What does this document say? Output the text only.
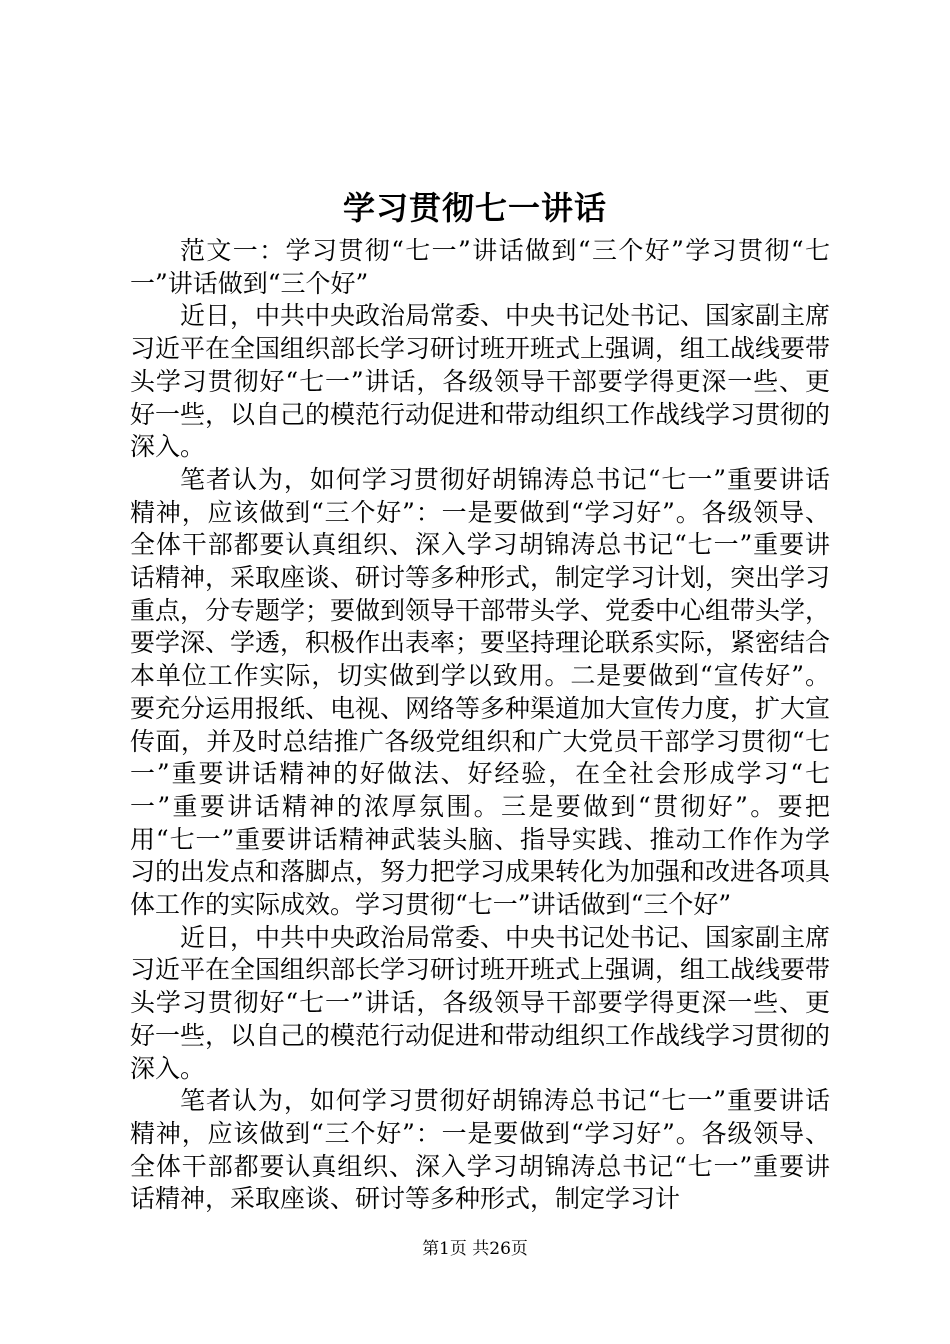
学习贯彻七一讲话

范文一：学习贯彻“七一”讲话做到“三个好”学习贯彻“七一”讲话做到“三个好”

近日，中共中央政治局常委、中央书记处书记、国家副主席习近平在全国组织部长学习研讨班开班式上强调，组工战线要带头学习贯彻好“七一”讲话，各级领导干部要学得更深一些、更好一些，以自己的模范行动促进和带动组织工作战线学习贯彻的深入。

笔者认为，如何学习贯彻好胡锦涛总书记“七一”重要讲话精神，应该做到“三个好”：一是要做到“学习好”。各级领导、全体干部都要认真组织、深入学习胡锦涛总书记“七一”重要讲话精神，采取座谈、研讨等多种形式，制定学习计划，突出学习重点，分专题学；要做到领导干部带头学、党委中心组带头学，要学深、学透，积极作出表率；要坚持理论联系实际，紧密结合本单位工作实际，切实做到学以致用。二是要做到“宣传好”。要充分运用报纸、电视、网络等多种渠道加大宣传力度，扩大宣传面，并及时总结推广各级党组织和广大党员干部学习贯彻“七一”重要讲话精神的好做法、好经验，在全社会形成学习“七一”重要讲话精神的浓厚氛围。三是要做到“贯彻好”。要把用“七一”重要讲话精神武装头脑、指导实践、推动工作作为学习的出发点和落脚点，努力把学习成果转化为加强和改进各项具体工作的实际成效。学习贯彻“七一”讲话做到“三个好”

近日，中共中央政治局常委、中央书记处书记、国家副主席习近平在全国组织部长学习研讨班开班式上强调，组工战线要带头学习贯彻好“七一”讲话，各级领导干部要学得更深一些、更好一些，以自己的模范行动促进和带动组织工作战线学习贯彻的深入。

笔者认为，如何学习贯彻好胡锦涛总书记“七一”重要讲话精神，应该做到“三个好”：一是要做到“学习好”。各级领导、全体干部都要认真组织、深入学习胡锦涛总书记“七一”重要讲话精神，采取座谈、研讨等多种形式，制定学习计

第1页 共26页
